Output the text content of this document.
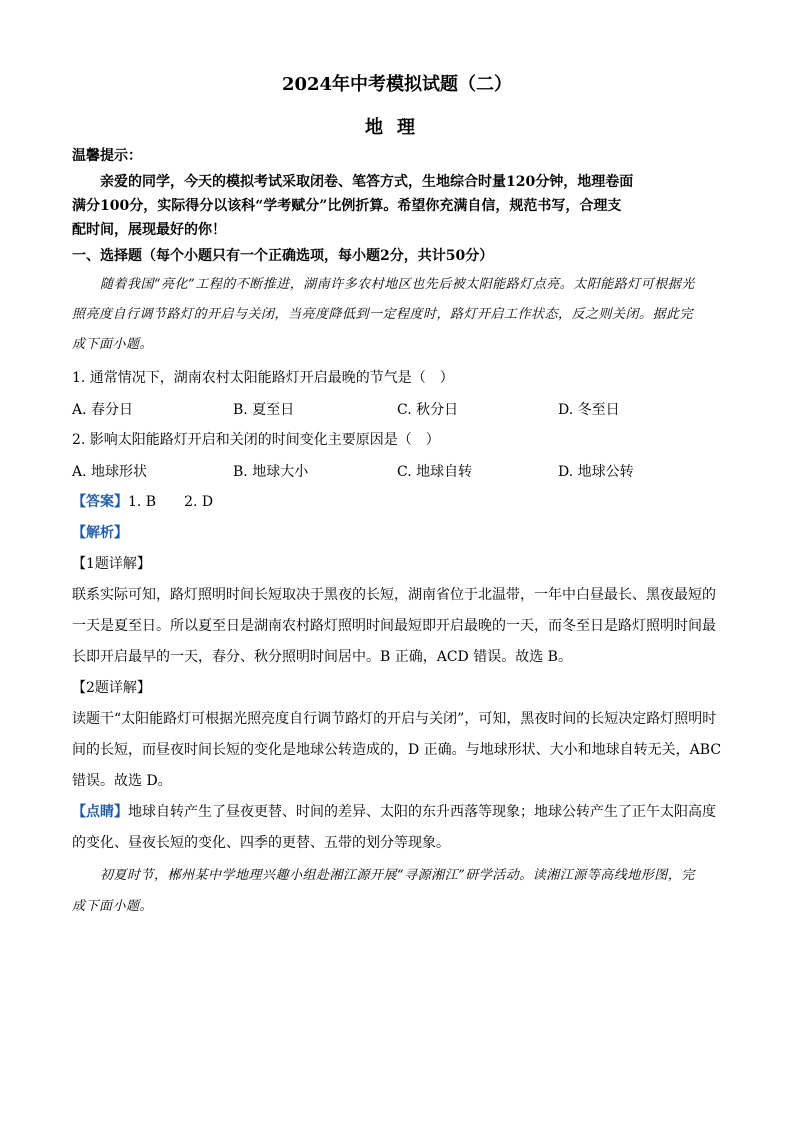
2024年中考模拟试题（二）
地理
温馨提示：
亲爱的同学，今天的模拟考试采取闭卷、笔答方式，生地综合时量120分钟，地理卷面
满分100分，实际得分以该科“学考赋分”比例折算。希望你充满自信，规范书写，合理支
配时间，展现最好的你！
一、选择题（每个小题只有一个正确选项，每小题2分，共计50分）
随着我国“亮化”工程的不断推进，湖南许多农村地区也先后被太阳能路灯点亮。太阳能路灯可根据光
照亮度自行调节路灯的开启与关闭，当亮度降低到一定程度时，路灯开启工作状态，反之则关闭。据此完
成下面小题。
1. 通常情况下，湖南农村太阳能路灯开启最晚的节气是（　）
A. 春分日	B. 夏至日	C. 秋分日	D. 冬至日
2. 影响太阳能路灯开启和关闭的时间变化主要原因是（　）
A. 地球形状	B. 地球大小	C. 地球自转	D. 地球公转
【答案】1. B　　2. D
【解析】
【1题详解】
联系实际可知，路灯照明时间长短取决于黑夜的长短，湖南省位于北温带，一年中白昼最长、黑夜最短的
一天是夏至日。所以夏至日是湖南农村路灯照明时间最短即开启最晚的一天，而冬至日是路灯照明时间最
长即开启最早的一天，春分、秋分照明时间居中。B 正确，ACD 错误。故选 B。
【2题详解】
读题干“太阳能路灯可根据光照亮度自行调节路灯的开启与关闭”，可知，黑夜时间的长短决定路灯照明时
间的长短，而昼夜时间长短的变化是地球公转造成的，D 正确。与地球形状、大小和地球自转无关，ABC
错误。故选 D。
【点睛】地球自转产生了昼夜更替、时间的差异、太阳的东升西落等现象；地球公转产生了正午太阳高度
的变化、昼夜长短的变化、四季的更替、五带的划分等现象。
初夏时节，郴州某中学地理兴趣小组赴湘江源开展“寻源湘江”研学活动。读湘江源等高线地形图，完
成下面小题。
